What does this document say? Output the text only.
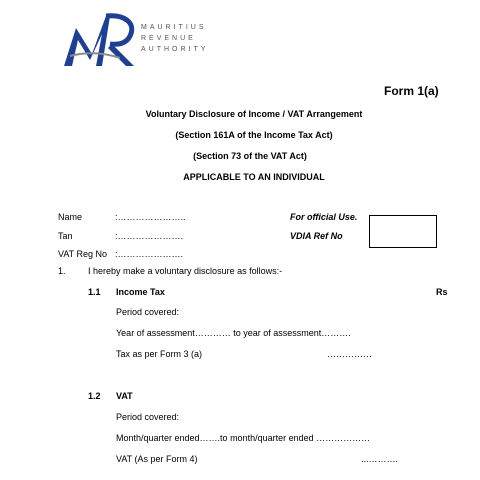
MAURITIUS
REVENUE
AUTHORITY
Form 1(a)
Voluntary Disclosure of Income / VAT Arrangement
(Section 161A of the Income Tax Act)
(Section 73 of the VAT Act)
APPLICABLE TO AN INDIVIDUAL
Name	:…………………..
Tan	:………………….
VAT Reg No :………………….
For official Use.
VDIA Ref No
1. I hereby make a voluntary disclosure as follows:-
1.1 Income Tax	Rs
Period covered:
Year of assessment………… to year of assessment……….
Tax as per Form 3 (a)	……………
1.2 VAT
Period covered:
Month/quarter ended…….to month/quarter ended ………………
VAT (As per Form 4)	...……….
